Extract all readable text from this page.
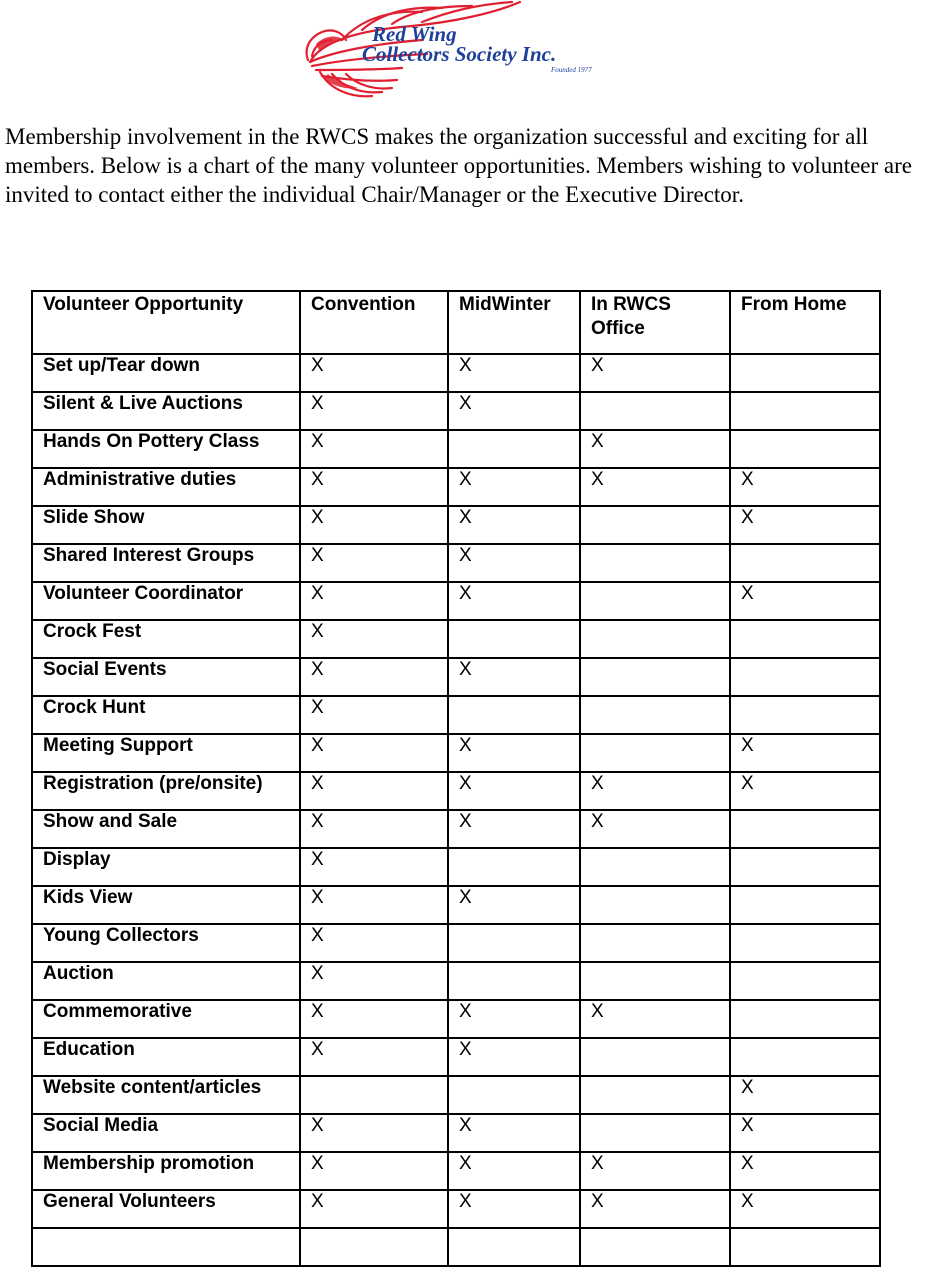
Red Wing
Collectors Society Inc.
Founded 1977

Membership involvement in the RWCS makes the organization successful and exciting for all members. Below is a chart of the many volunteer opportunities. Members wishing to volunteer are invited to contact either the individual Chair/Manager or the Executive Director.

Volunteer Opportunity	Convention	MidWinter	In RWCS Office	From Home
Set up/Tear down	X	X	X	
Silent & Live Auctions	X	X		
Hands On Pottery Class	X		X	
Administrative duties	X	X	X	X
Slide Show	X	X		X
Shared Interest Groups	X	X		
Volunteer Coordinator	X	X		X
Crock Fest	X			
Social Events	X	X		
Crock Hunt	X			
Meeting Support	X	X		X
Registration (pre/onsite)	X	X	X	X
Show and Sale	X	X	X	
Display	X			
Kids View	X	X		
Young Collectors	X			
Auction	X			
Commemorative	X	X	X	
Education	X	X		
Website content/articles				X
Social Media	X	X		X
Membership promotion	X	X	X	X
General Volunteers	X	X	X	X
